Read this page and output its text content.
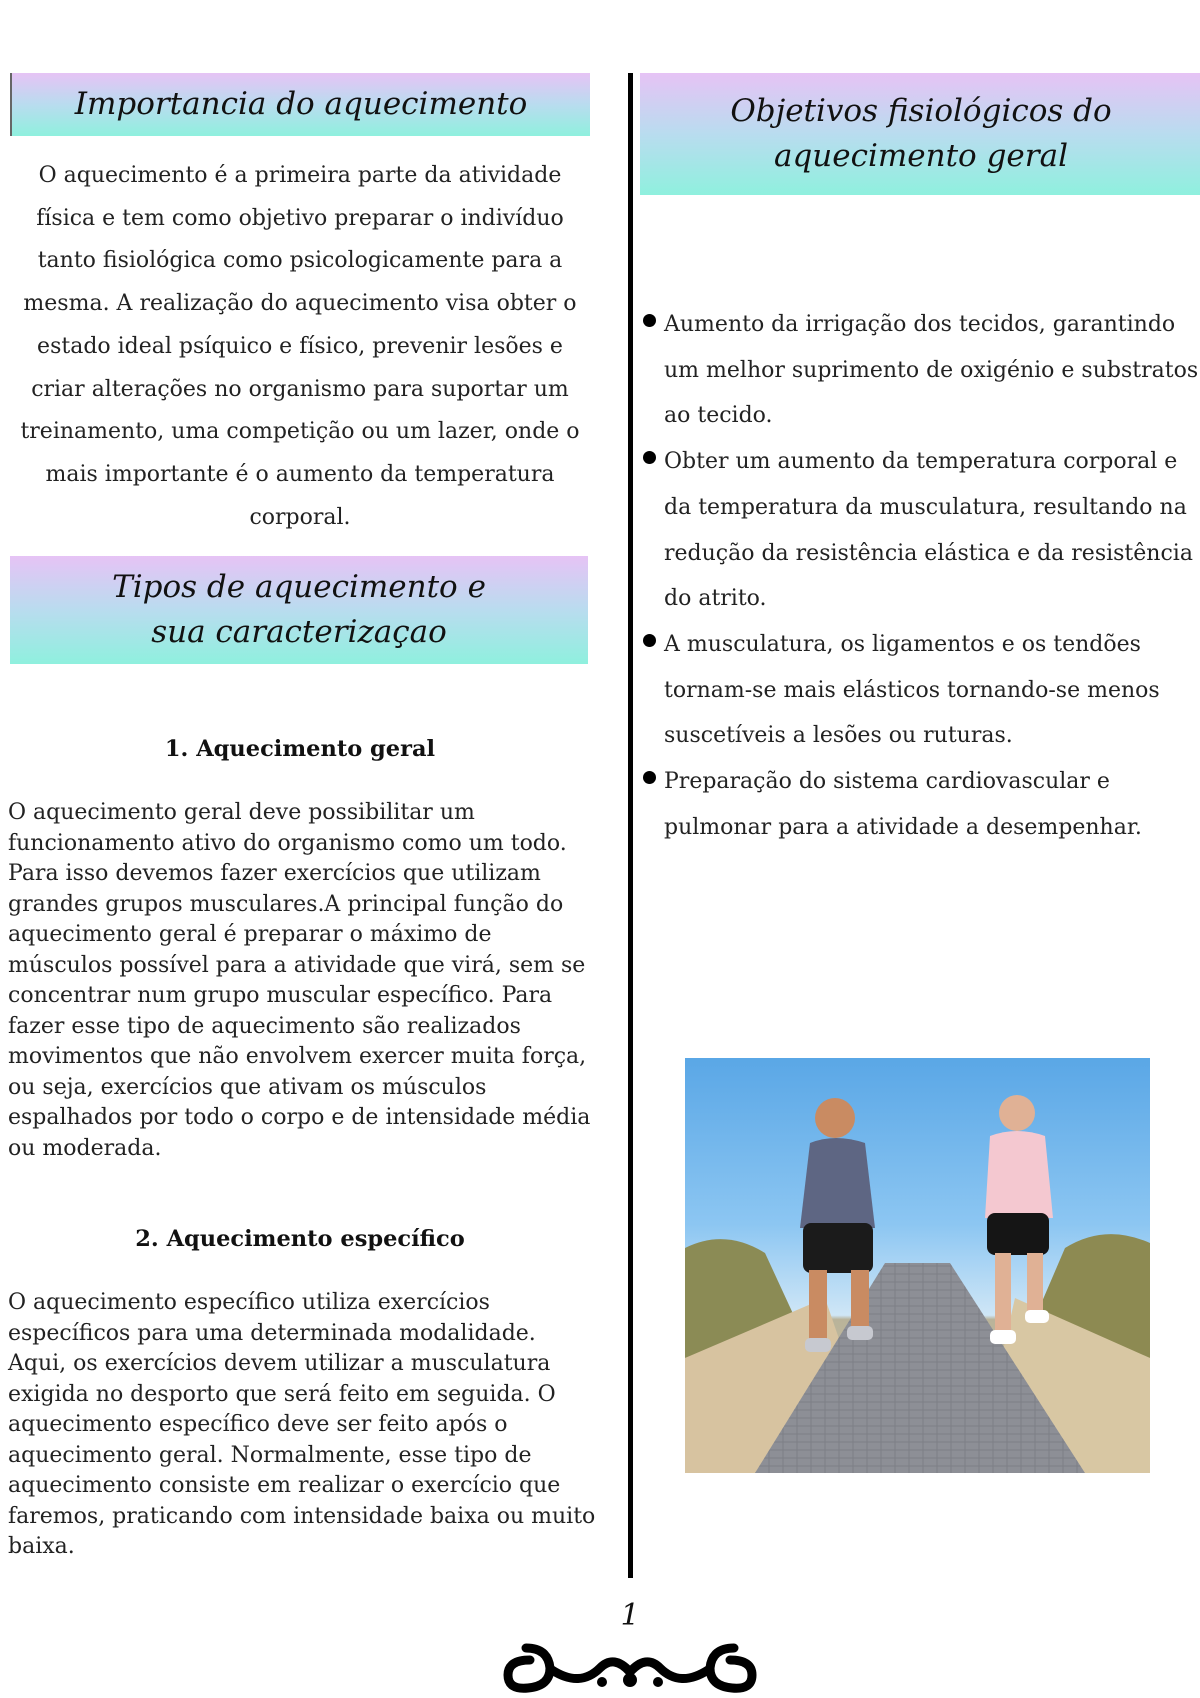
Importancia do aquecimento

O aquecimento é a primeira parte da atividade física e tem como objetivo preparar o indivíduo tanto fisiológica como psicologicamente para a mesma. A realização do aquecimento visa obter o estado ideal psíquico e físico, prevenir lesões e criar alterações no organismo para suportar um treinamento, uma competição ou um lazer, onde o mais importante é o aumento da temperatura corporal.

Tipos de aquecimento e sua caracterizaçao
1. Aquecimento geral

O aquecimento geral deve possibilitar um funcionamento ativo do organismo como um todo. Para isso devemos fazer exercícios que utilizam grandes grupos musculares.A principal função do aquecimento geral é preparar o máximo de músculos possível para a atividade que virá, sem se concentrar num grupo muscular específico. Para fazer esse tipo de aquecimento são realizados movimentos que não envolvem exercer muita força, ou seja, exercícios que ativam os músculos espalhados por todo o corpo e de intensidade média ou moderada.

2. Aquecimento específico

O aquecimento específico utiliza exercícios específicos para uma determinada modalidade. Aqui, os exercícios devem utilizar a musculatura exigida no desporto que será feito em seguida. O aquecimento específico deve ser feito após o aquecimento geral. Normalmente, esse tipo de aquecimento consiste em realizar o exercício que faremos, praticando com intensidade baixa ou muito baixa.

Objetivos fisiológicos do aquecimento geral
Aumento da irrigação dos tecidos, garantindo um melhor suprimento de oxigénio e substratos ao tecido.
Obter um aumento da temperatura corporal e da temperatura da musculatura, resultando na redução da resistência elástica e da resistência do atrito.
A musculatura, os ligamentos e os tendões tornam-se mais elásticos tornando-se menos suscetíveis a lesões ou ruturas.
Preparação do sistema cardiovascular e pulmonar para a atividade a desempenhar.
1
